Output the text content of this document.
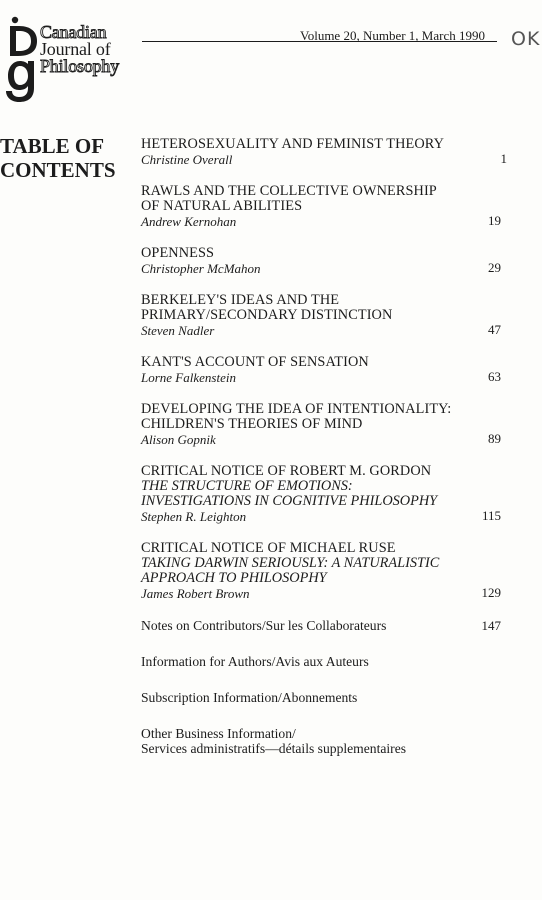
Canadian
Journal of
Philosophy
Volume 20, Number 1, March 1990 OK
TABLE OF
CONTENTS
HETEROSEXUALITY AND FEMINIST THEORY
Christine Overall	1
RAWLS AND THE COLLECTIVE OWNERSHIP
OF NATURAL ABILITIES
Andrew Kernohan	19
OPENNESS
Christopher McMahon	29
BERKELEY'S IDEAS AND THE
PRIMARY/SECONDARY DISTINCTION
Steven Nadler	47
KANT'S ACCOUNT OF SENSATION
Lorne Falkenstein	63
DEVELOPING THE IDEA OF INTENTIONALITY:
CHILDREN'S THEORIES OF MIND
Alison Gopnik	89
CRITICAL NOTICE OF ROBERT M. GORDON
THE STRUCTURE OF EMOTIONS:
INVESTIGATIONS IN COGNITIVE PHILOSOPHY
Stephen R. Leighton	115
CRITICAL NOTICE OF MICHAEL RUSE
TAKING DARWIN SERIOUSLY: A NATURALISTIC
APPROACH TO PHILOSOPHY
James Robert Brown	129
Notes on Contributors/Sur les Collaborateurs	147
Information for Authors/Avis aux Auteurs
Subscription Information/Abonnements
Other Business Information/
Services administratifs—détails supplementaires
